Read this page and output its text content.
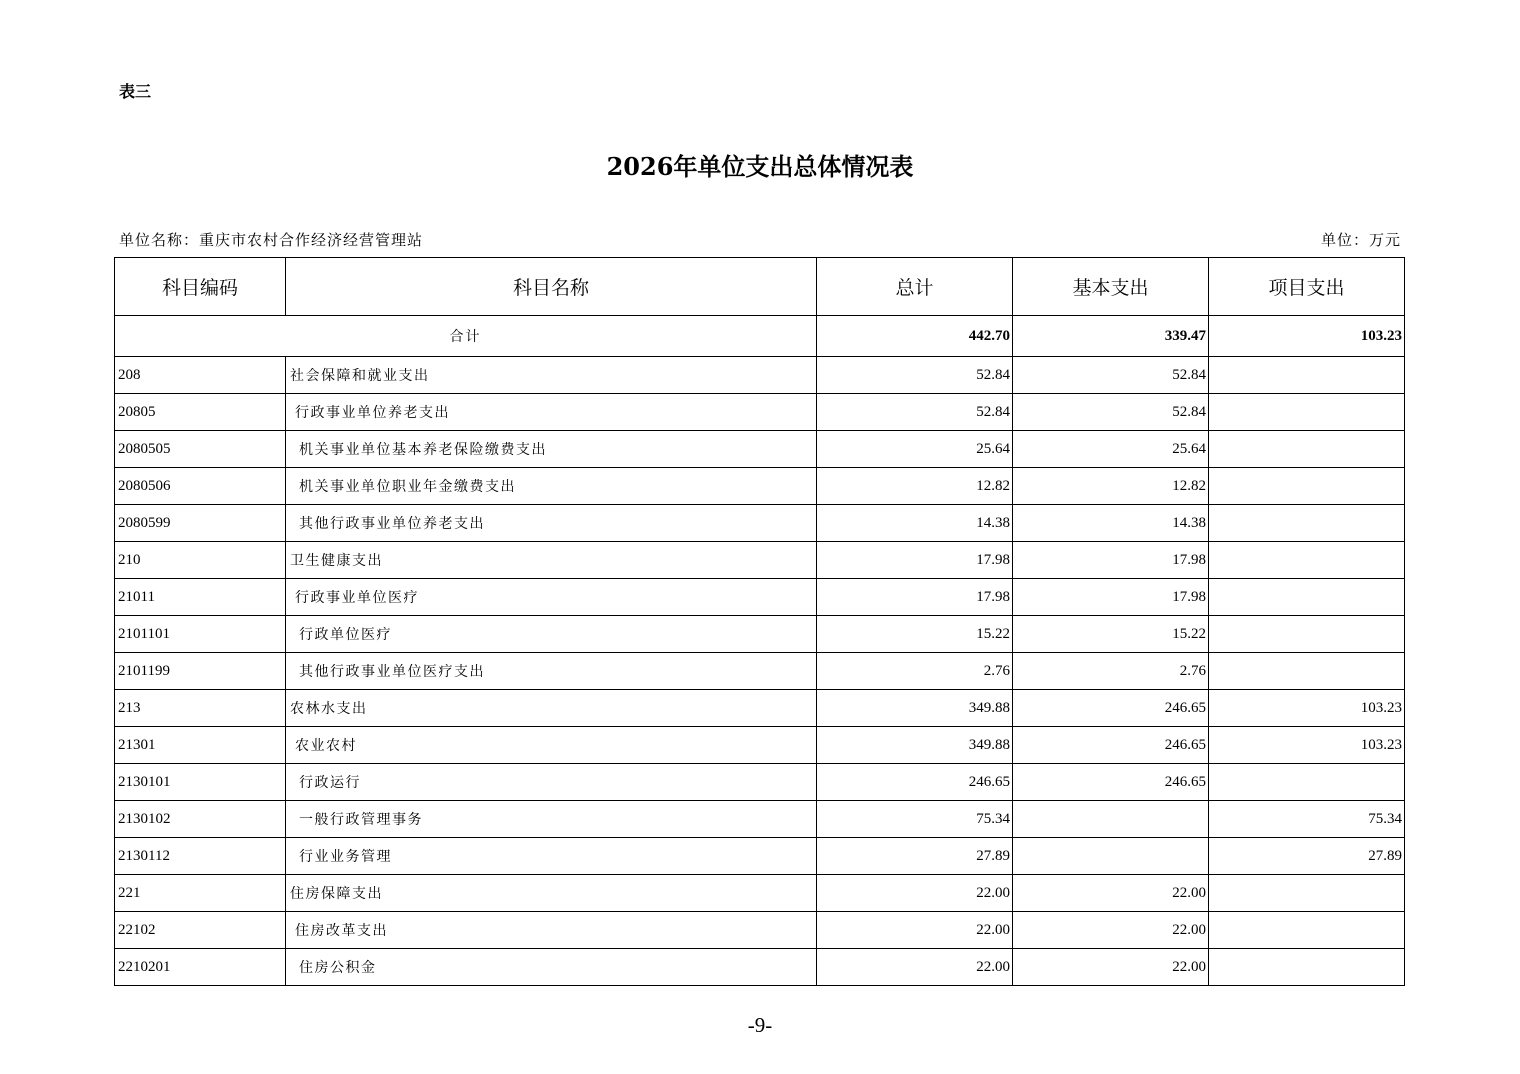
表三
2026年单位支出总体情况表
单位名称：重庆市农村合作经济经营管理站	单位：万元
科目编码	科目名称	总计	基本支出	项目支出
合计		442.70	339.47	103.23
208	社会保障和就业支出	52.84	52.84	
20805	行政事业单位养老支出	52.84	52.84	
2080505	机关事业单位基本养老保险缴费支出	25.64	25.64	
2080506	机关事业单位职业年金缴费支出	12.82	12.82	
2080599	其他行政事业单位养老支出	14.38	14.38	
210	卫生健康支出	17.98	17.98	
21011	行政事业单位医疗	17.98	17.98	
2101101	行政单位医疗	15.22	15.22	
2101199	其他行政事业单位医疗支出	2.76	2.76	
213	农林水支出	349.88	246.65	103.23
21301	农业农村	349.88	246.65	103.23
2130101	行政运行	246.65	246.65	
2130102	一般行政管理事务	75.34		75.34
2130112	行业业务管理	27.89		27.89
221	住房保障支出	22.00	22.00	
22102	住房改革支出	22.00	22.00	
2210201	住房公积金	22.00	22.00	
-9-
